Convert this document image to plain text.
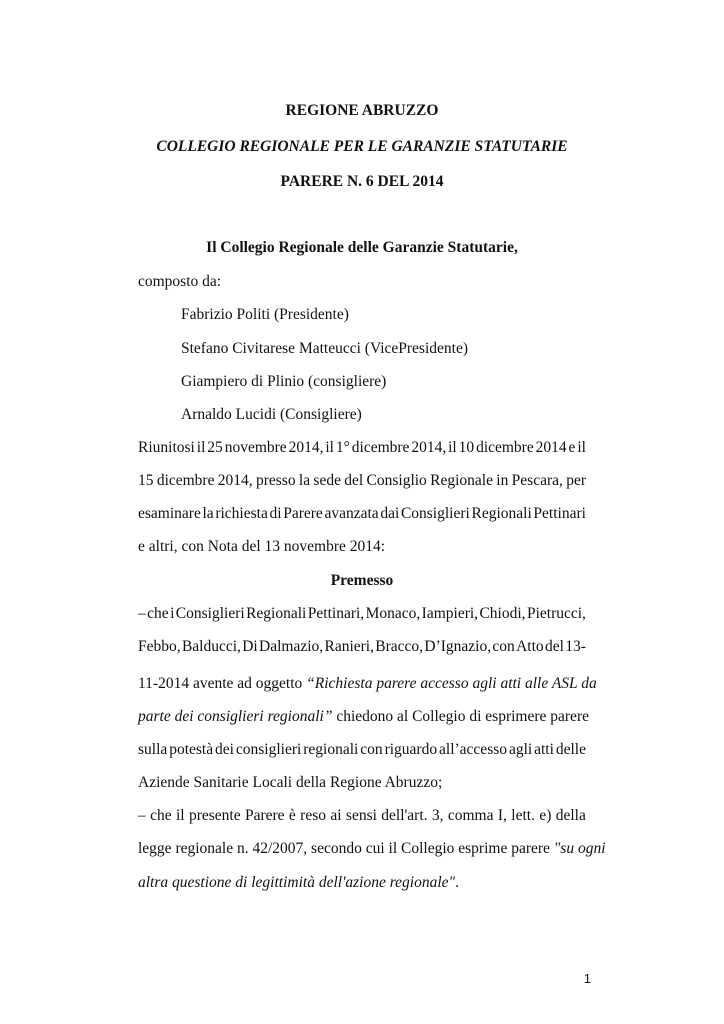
REGIONE ABRUZZO
COLLEGIO REGIONALE PER LE GARANZIE STATUTARIE
PARERE N. 6 DEL 2014
Il Collegio Regionale delle Garanzie Statutarie,
composto da:
Fabrizio Politi (Presidente)
Stefano Civitarese Matteucci (VicePresidente)
Giampiero di Plinio (consigliere)
Arnaldo Lucidi (Consigliere)
Riunitosi il 25 novembre 2014, il 1° dicembre 2014, il 10 dicembre 2014 e il
15 dicembre 2014, presso la sede del Consiglio Regionale in Pescara, per
esaminare la richiesta di Parere avanzata dai Consiglieri Regionali Pettinari
e altri, con Nota del 13 novembre 2014:
Premesso
– che i Consiglieri Regionali Pettinari, Monaco, Iampieri, Chiodi, Pietrucci,
Febbo, Balducci, Di Dalmazio, Ranieri, Bracco, D’Ignazio, con Atto del 13-
11-2014 avente ad oggetto “Richiesta parere accesso agli atti alle ASL da
parte dei consiglieri regionali” chiedono al Collegio di esprimere parere
sulla potestà dei consiglieri regionali con riguardo all’accesso agli atti delle
Aziende Sanitarie Locali della Regione Abruzzo;
– che il presente Parere è reso ai sensi dell'art. 3, comma I, lett. e) della
legge regionale n. 42/2007, secondo cui il Collegio esprime parere "su ogni
altra questione di legittimità dell'azione regionale".
1
